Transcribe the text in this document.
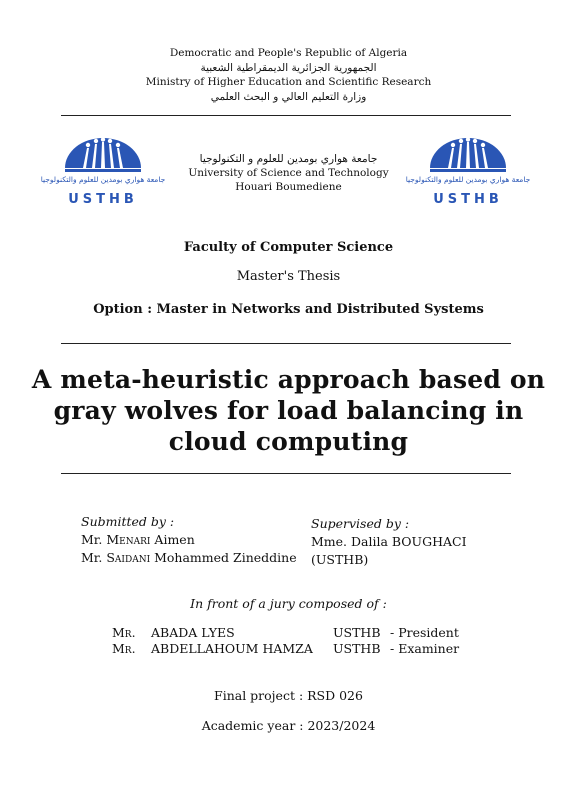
Democratic and People's Republic of Algeria
الجمهورية الجزائرية الديمقراطية الشعبية
Ministry of Higher Education and Scientific Research
وزارة التعليم العالي و البحث العلمي
جامعة هواري بومدين للعلوم والتكنولوجيا
USTHB
جامعة هواري بومدين للعلوم والتكنولوجيا
USTHB
جامعة هواري بومدين للعلوم و التكنولوجيا
University of Science and Technology
Houari Boumediene
Faculty of Computer Science
Master's Thesis
Option : Master in Networks and Distributed Systems
A meta-heuristic approach based on
gray wolves for load balancing in
cloud computing
Submitted by :
Mr. Menari Aimen
Mr. Saidani Mohammed Zineddine
Supervised by :
Mme. Dalila BOUGHACI
(USTHB)
In front of a jury composed of :
Mr. ABADA LYES	USTHB - President
Mr. ABDELLAHOUM HAMZA USTHB - Examiner
Final project : RSD 026
Academic year : 2023/2024
